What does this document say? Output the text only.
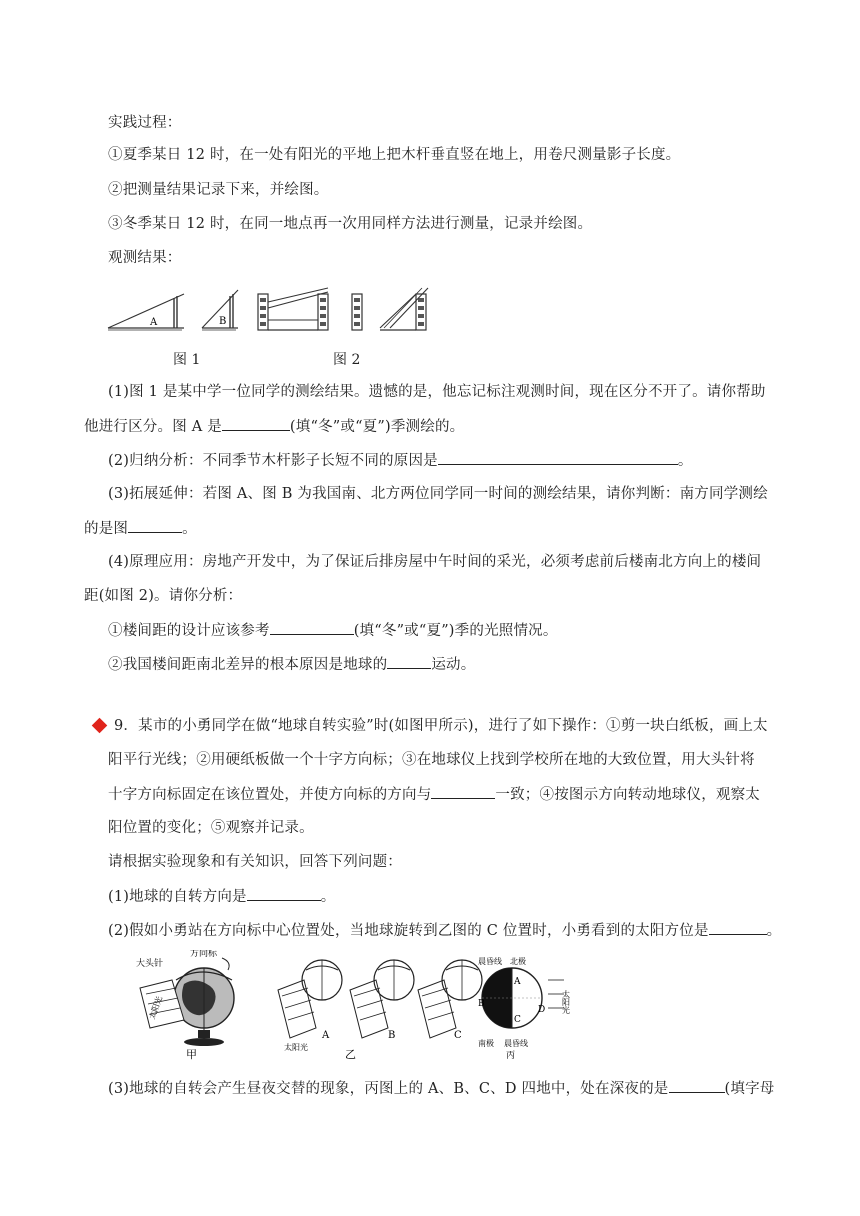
实践过程：
①夏季某日 12 时，在一处有阳光的平地上把木杆垂直竖在地上，用卷尺测量影子长度。
②把测量结果记录下来，并绘图。
③冬季某日 12 时，在同一地点再一次用同样方法进行测量，记录并绘图。
观测结果：
A	B
图 1	图 2
(1)图 1 是某中学一位同学的测绘结果。遗憾的是，他忘记标注观测时间，现在区分不开了。请你帮助
他进行区分。图 A 是	(填“冬”或“夏”)季测绘的。
(2)归纳分析：不同季节木杆影子长短不同的原因是	。
(3)拓展延伸：若图 A、图 B 为我国南、北方两位同学同一时间的测绘结果，请你判断：南方同学测绘
的是图	。
(4)原理应用：房地产开发中，为了保证后排房屋中午时间的采光，必须考虑前后楼南北方向上的楼间
距(如图 2)。请你分析：
①楼间距的设计应该参考	(填“冬”或“夏”)季的光照情况。
②我国楼间距南北差异的根本原因是地球的	运动。
9．某市的小勇同学在做“地球自转实验”时(如图甲所示)，进行了如下操作：①剪一块白纸板，画上太
阳平行光线；②用硬纸板做一个十字方向标；③在地球仪上找到学校所在地的大致位置，用大头针将
十字方向标固定在该位置处，并使方向标的方向与	一致；④按图示方向转动地球仪，观察太
阳位置的变化；⑤观察并记录。
请根据实验现象和有关知识，回答下列问题：
(1)地球的自转方向是	。
(2)假如小勇站在方向标中心位置处，当地球旋转到乙图的 C 位置时，小勇看到的太阳方位是	。
大头针
方向标
太阳光
甲
A	B	C
太阳光
乙
晨昏线 北极
南极 晨昏线
太阳光
A
B
C
D
丙
(3)地球的自转会产生昼夜交替的现象，丙图上的 A、B、C、D 四地中，处在深夜的是	(填字母
